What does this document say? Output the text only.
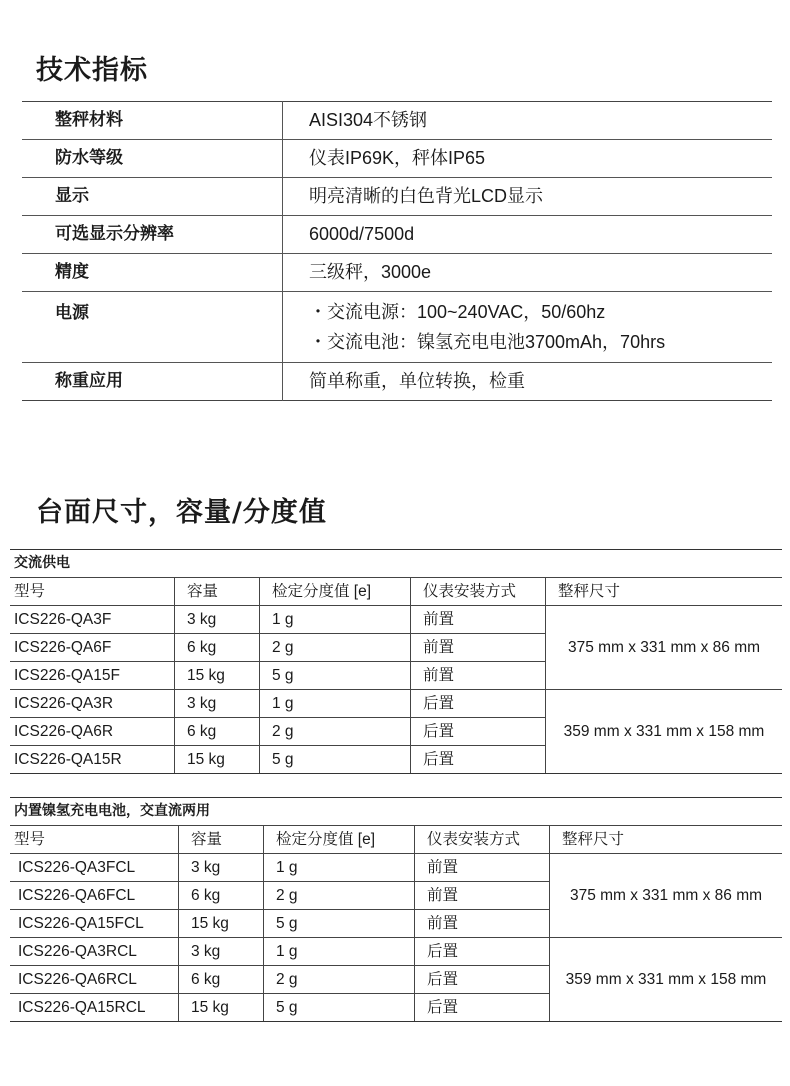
技术指标
整秤材料	AISI304不锈钢
防水等级	仪表IP69K，秤体IP65
显示	明亮清晰的白色背光LCD显示
可选显示分辨率	6000d/7500d
精度	三级秤，3000e
电源	・交流电源：100~240VAC，50/60hz
・交流电池：镍氢充电电池3700mAh，70hrs

称重应用	简单称重，单位转换，检重
台面尺寸，容量/分度值
交流供电				
型号	容量	检定分度值 [e]	仪表安装方式	整秤尺寸
ICS226-QA3F	3 kg	1 g	前置	375 mm x 331 mm x 86 mm
ICS226-QA6F	6 kg	2 g	前置	
ICS226-QA15F	15 kg	5 g	前置	
ICS226-QA3R	3 kg	1 g	后置	359 mm x 331 mm x 158 mm
ICS226-QA6R	6 kg	2 g	后置	
ICS226-QA15R	15 kg	5 g	后置	
内置镍氢充电电池，交直流两用				
型号	容量	检定分度值 [e]	仪表安装方式	整秤尺寸
ICS226-QA3FCL	3 kg	1 g	前置	375 mm x 331 mm x 86 mm
ICS226-QA6FCL	6 kg	2 g	前置	
ICS226-QA15FCL	15 kg	5 g	前置	
ICS226-QA3RCL	3 kg	1 g	后置	359 mm x 331 mm x 158 mm
ICS226-QA6RCL	6 kg	2 g	后置	
ICS226-QA15RCL	15 kg	5 g	后置	
